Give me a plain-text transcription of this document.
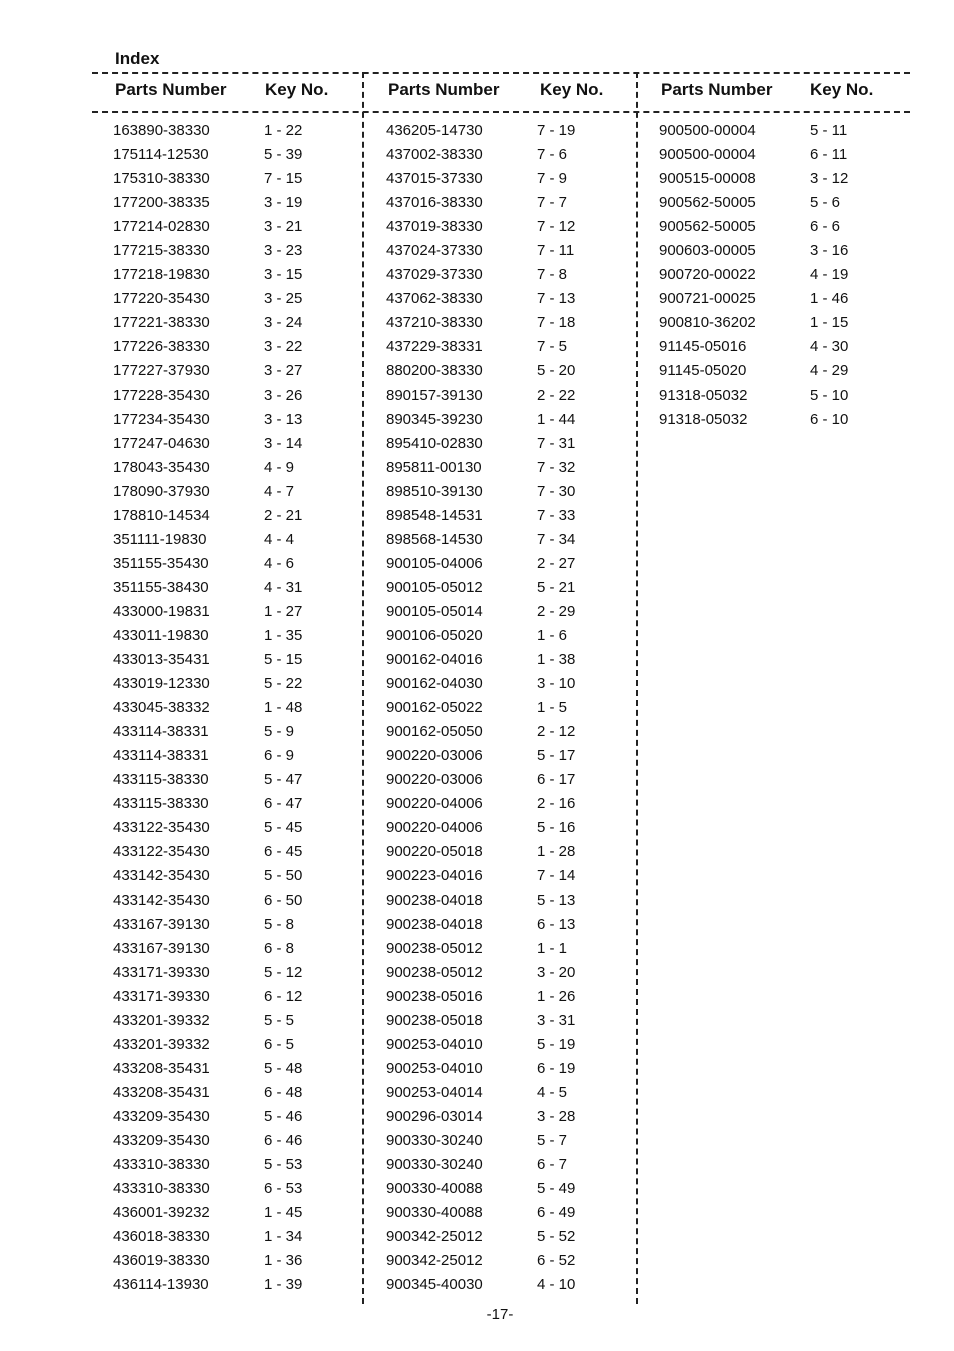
Index
Parts Number Key No.
163890-38330	1 - 22
175114-12530	5 - 39
175310-38330	7 - 15
177200-38335	3 - 19
177214-02830	3 - 21
177215-38330	3 - 23
177218-19830	3 - 15
177220-35430	3 - 25
177221-38330	3 - 24
177226-38330	3 - 22
177227-37930	3 - 27
177228-35430	3 - 26
177234-35430	3 - 13
177247-04630	3 - 14
178043-35430	4 - 9
178090-37930	4 - 7
178810-14534	2 - 21
351111-19830	4 - 4
351155-35430	4 - 6
351155-38430	4 - 31
433000-19831	1 - 27
433011-19830	1 - 35
433013-35431	5 - 15
433019-12330	5 - 22
433045-38332	1 - 48
433114-38331	5 - 9
433114-38331	6 - 9
433115-38330	5 - 47
433115-38330	6 - 47
433122-35430	5 - 45
433122-35430	6 - 45
433142-35430	5 - 50
433142-35430	6 - 50
433167-39130	5 - 8
433167-39130	6 - 8
433171-39330	5 - 12
433171-39330	6 - 12
433201-39332	5 - 5
433201-39332	6 - 5
433208-35431	5 - 48
433208-35431	6 - 48
433209-35430	5 - 46
433209-35430	6 - 46
433310-38330	5 - 53
433310-38330	6 - 53
436001-39232	1 - 45
436018-38330	1 - 34
436019-38330	1 - 36
436114-13930	1 - 39
Parts Number Key No.
436205-14730	7 - 19
437002-38330	7 - 6
437015-37330	7 - 9
437016-38330	7 - 7
437019-38330	7 - 12
437024-37330	7 - 11
437029-37330	7 - 8
437062-38330	7 - 13
437210-38330	7 - 18
437229-38331	7 - 5
880200-38330	5 - 20
890157-39130	2 - 22
890345-39230	1 - 44
895410-02830	7 - 31
895811-00130	7 - 32
898510-39130	7 - 30
898548-14531	7 - 33
898568-14530	7 - 34
900105-04006	2 - 27
900105-05012	5 - 21
900105-05014	2 - 29
900106-05020	1 - 6
900162-04016	1 - 38
900162-04030	3 - 10
900162-05022	1 - 5
900162-05050	2 - 12
900220-03006	5 - 17
900220-03006	6 - 17
900220-04006	2 - 16
900220-04006	5 - 16
900220-05018	1 - 28
900223-04016	7 - 14
900238-04018	5 - 13
900238-04018	6 - 13
900238-05012	1 - 1
900238-05012	3 - 20
900238-05016	1 - 26
900238-05018	3 - 31
900253-04010	5 - 19
900253-04010	6 - 19
900253-04014	4 - 5
900296-03014	3 - 28
900330-30240	5 - 7
900330-30240	6 - 7
900330-40088	5 - 49
900330-40088	6 - 49
900342-25012	5 - 52
900342-25012	6 - 52
900345-40030	4 - 10
Parts Number Key No.
900500-00004	5 - 11
900500-00004	6 - 11
900515-00008	3 - 12
900562-50005	5 - 6
900562-50005	6 - 6
900603-00005	3 - 16
900720-00022	4 - 19
900721-00025	1 - 46
900810-36202	1 - 15
91145-05016	4 - 30
91145-05020	4 - 29
91318-05032	5 - 10
91318-05032	6 - 10
-17-
